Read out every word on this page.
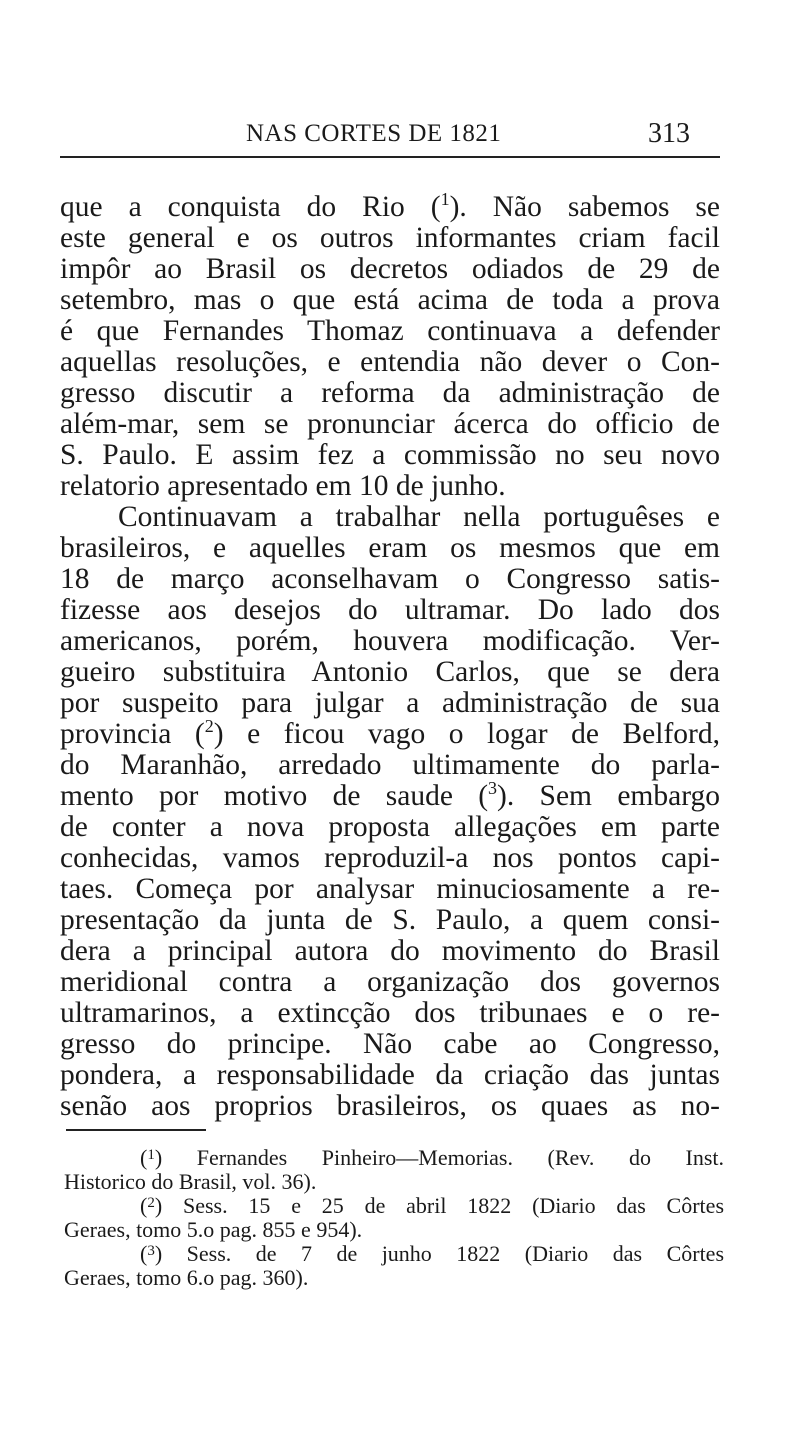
NAS CORTES DE 1821	313
que a conquista do Rio ($^1$). Não sabemos se
este general e os outros informantes criam facil
impôr ao Brasil os decretos odiados de 29 de
setembro, mas o que está acima de toda a prova
é que Fernandes Thomaz continuava a defender
aquellas resoluções, e entendia não dever o Con-
gresso discutir a reforma da administração de
além-mar, sem se pronunciar ácerca do officio de
S. Paulo. E assim fez a commissão no seu novo
relatorio apresentado em 10 de junho.
Continuavam a trabalhar nella portuguêses e
brasileiros, e aquelles eram os mesmos que em
18 de março aconselhavam o Congresso satis-
fizesse aos desejos do ultramar. Do lado dos
americanos, porém, houvera modificação. Ver-
gueiro substituira Antonio Carlos, que se dera
por suspeito para julgar a administração de sua
provincia ($^2$) e ficou vago o logar de Belford,
do Maranhão, arredado ultimamente do parla-
mento por motivo de saude ($^3$). Sem embargo
de conter a nova proposta allegações em parte
conhecidas, vamos reproduzil-a nos pontos capi-
taes. Começa por analysar minuciosamente a re-
presentação da junta de S. Paulo, a quem consi-
dera a principal autora do movimento do Brasil
meridional contra a organização dos governos
ultramarinos, a extincção dos tribunaes e o re-
gresso do principe. Não cabe ao Congresso,
pondera, a responsabilidade da criação das juntas
senão aos proprios brasileiros, os quaes as no-
($^1$) Fernandes Pinheiro—Memorias. (Rev. do Inst.
Historico do Brasil, vol. 36).
($^2$) Sess. 15 e 25 de abril 1822 (Diario das Côrtes
Geraes, tomo 5.o pag. 855 e 954).
($^3$) Sess. de 7 de junho 1822 (Diario das Côrtes
Geraes, tomo 6.o pag. 360).
